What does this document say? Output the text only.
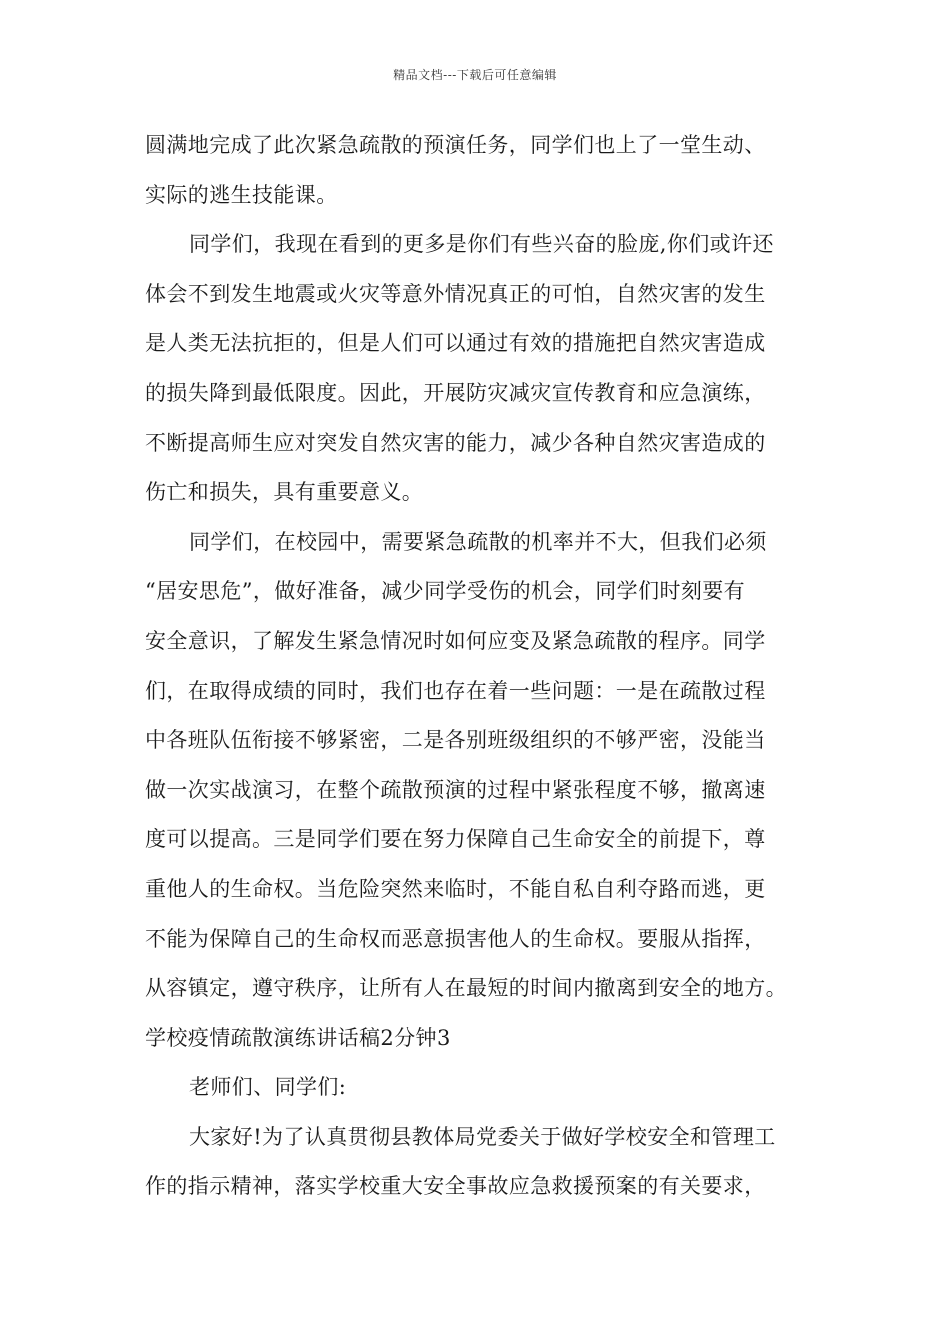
精品文档---下载后可任意编辑
圆满地完成了此次紧急疏散的预演任务，同学们也上了一堂生动、
实际的逃生技能课。
同学们，我现在看到的更多是你们有些兴奋的脸庞,你们或许还
体会不到发生地震或火灾等意外情况真正的可怕，自然灾害的发生
是人类无法抗拒的，但是人们可以通过有效的措施把自然灾害造成
的损失降到最低限度。因此，开展防灾减灾宣传教育和应急演练，
不断提高师生应对突发自然灾害的能力，减少各种自然灾害造成的
伤亡和损失，具有重要意义。
同学们，在校园中，需要紧急疏散的机率并不大，但我们必须
“居安思危”，做好准备，减少同学受伤的机会，同学们时刻要有
安全意识，了解发生紧急情况时如何应变及紧急疏散的程序。同学
们，在取得成绩的同时，我们也存在着一些问题：一是在疏散过程
中各班队伍衔接不够紧密，二是各别班级组织的不够严密，没能当
做一次实战演习，在整个疏散预演的过程中紧张程度不够，撤离速
度可以提高。三是同学们要在努力保障自己生命安全的前提下，尊
重他人的生命权。当危险突然来临时，不能自私自利夺路而逃，更
不能为保障自己的生命权而恶意损害他人的生命权。要服从指挥，
从容镇定，遵守秩序，让所有人在最短的时间内撤离到安全的地方。
学校疫情疏散演练讲话稿2分钟3
老师们、同学们:
大家好!为了认真贯彻县教体局党委关于做好学校安全和管理工
作的指示精神，落实学校重大安全事故应急救援预案的有关要求，
